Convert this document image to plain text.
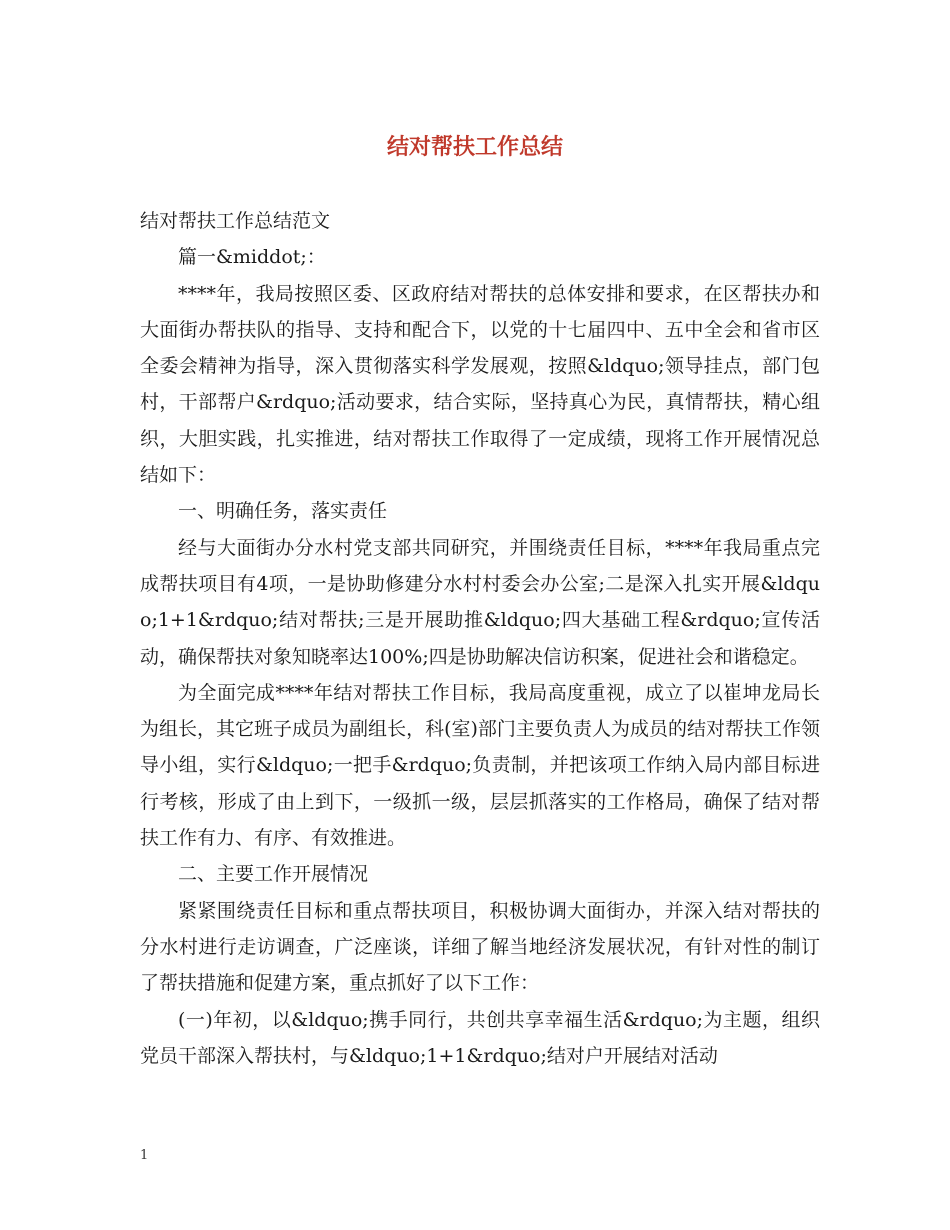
结对帮扶工作总结

结对帮扶工作总结范文

篇一&middot;：

****年，我局按照区委、区政府结对帮扶的总体安排和要求，在区帮扶办和大面街办帮扶队的指导、支持和配合下，以党的十七届四中、五中全会和省市区全委会精神为指导，深入贯彻落实科学发展观，按照&ldquo;领导挂点，部门包村，干部帮户&rdquo;活动要求，结合实际，坚持真心为民，真情帮扶，精心组织，大胆实践，扎实推进，结对帮扶工作取得了一定成绩，现将工作开展情况总结如下：

一、明确任务，落实责任

经与大面街办分水村党支部共同研究，并围绕责任目标，****年我局重点完成帮扶项目有4项，一是协助修建分水村村委会办公室;二是深入扎实开展&ldquo;1+1&rdquo;结对帮扶;三是开展助推&ldquo;四大基础工程&rdquo;宣传活动，确保帮扶对象知晓率达100%;四是协助解决信访积案，促进社会和谐稳定。

为全面完成****年结对帮扶工作目标，我局高度重视，成立了以崔坤龙局长为组长，其它班子成员为副组长，科(室)部门主要负责人为成员的结对帮扶工作领导小组，实行&ldquo;一把手&rdquo;负责制，并把该项工作纳入局内部目标进行考核，形成了由上到下，一级抓一级，层层抓落实的工作格局，确保了结对帮扶工作有力、有序、有效推进。

二、主要工作开展情况

紧紧围绕责任目标和重点帮扶项目，积极协调大面街办，并深入结对帮扶的分水村进行走访调查，广泛座谈，详细了解当地经济发展状况，有针对性的制订了帮扶措施和促建方案，重点抓好了以下工作：

(一)年初，以&ldquo;携手同行，共创共享幸福生活&rdquo;为主题，组织党员干部深入帮扶村，与&ldquo;1+1&rdquo;结对户开展结对活动

1
